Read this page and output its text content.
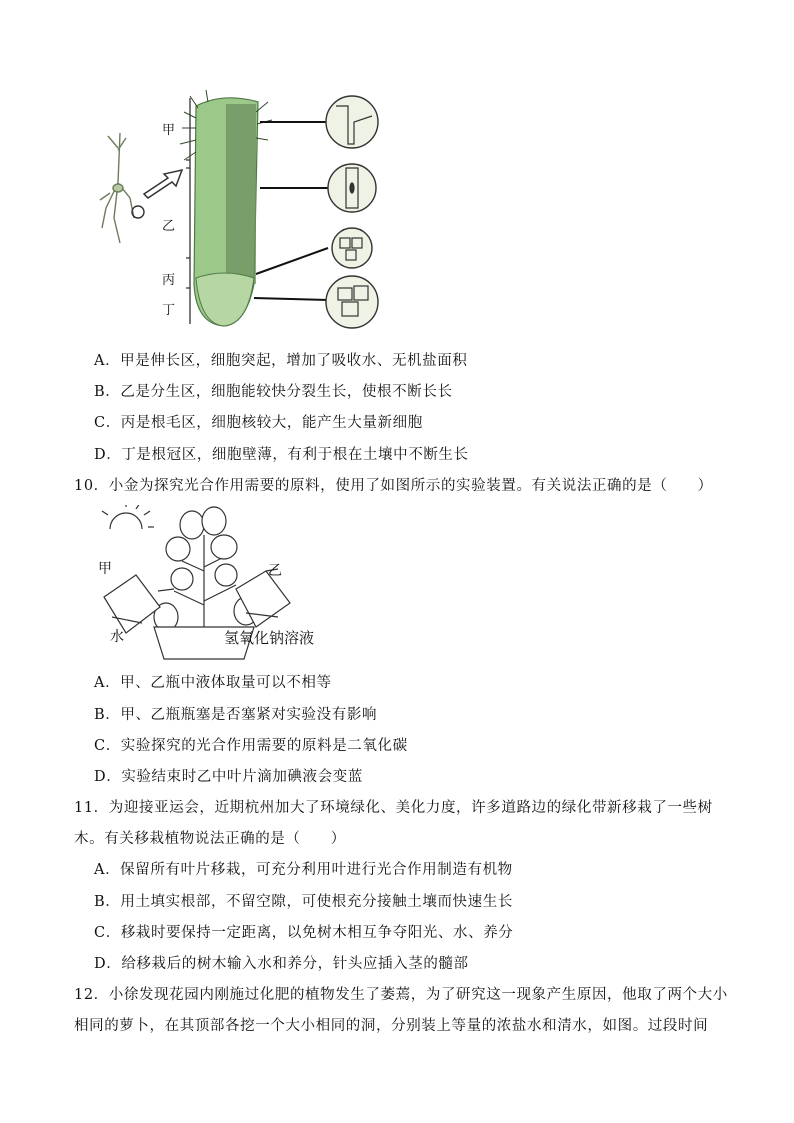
甲
乙
丙
丁
A．甲是伸长区，细胞突起，增加了吸收水、无机盐面积
B．乙是分生区，细胞能较快分裂生长，使根不断长长
C．丙是根毛区，细胞核较大，能产生大量新细胞
D．丁是根冠区，细胞壁薄，有利于根在土壤中不断生长
10．小金为探究光合作用需要的原料，使用了如图所示的实验装置。有关说法正确的是（　　）
甲	乙
水	氢氧化钠溶液
A．甲、乙瓶中液体取量可以不相等
B．甲、乙瓶瓶塞是否塞紧对实验没有影响
C．实验探究的光合作用需要的原料是二氧化碳
D．实验结束时乙中叶片滴加碘液会变蓝
11．为迎接亚运会，近期杭州加大了环境绿化、美化力度，许多道路边的绿化带新移栽了一些树
木。有关移栽植物说法正确的是（　　）
A．保留所有叶片移栽，可充分利用叶进行光合作用制造有机物
B．用土填实根部，不留空隙，可使根充分接触土壤而快速生长
C．移栽时要保持一定距离，以免树木相互争夺阳光、水、养分
D．给移栽后的树木输入水和养分，针头应插入茎的髓部
12．小徐发现花园内刚施过化肥的植物发生了萎蔫，为了研究这一现象产生原因，他取了两个大小
相同的萝卜，在其顶部各挖一个大小相同的洞，分别装上等量的浓盐水和清水，如图。过段时间
